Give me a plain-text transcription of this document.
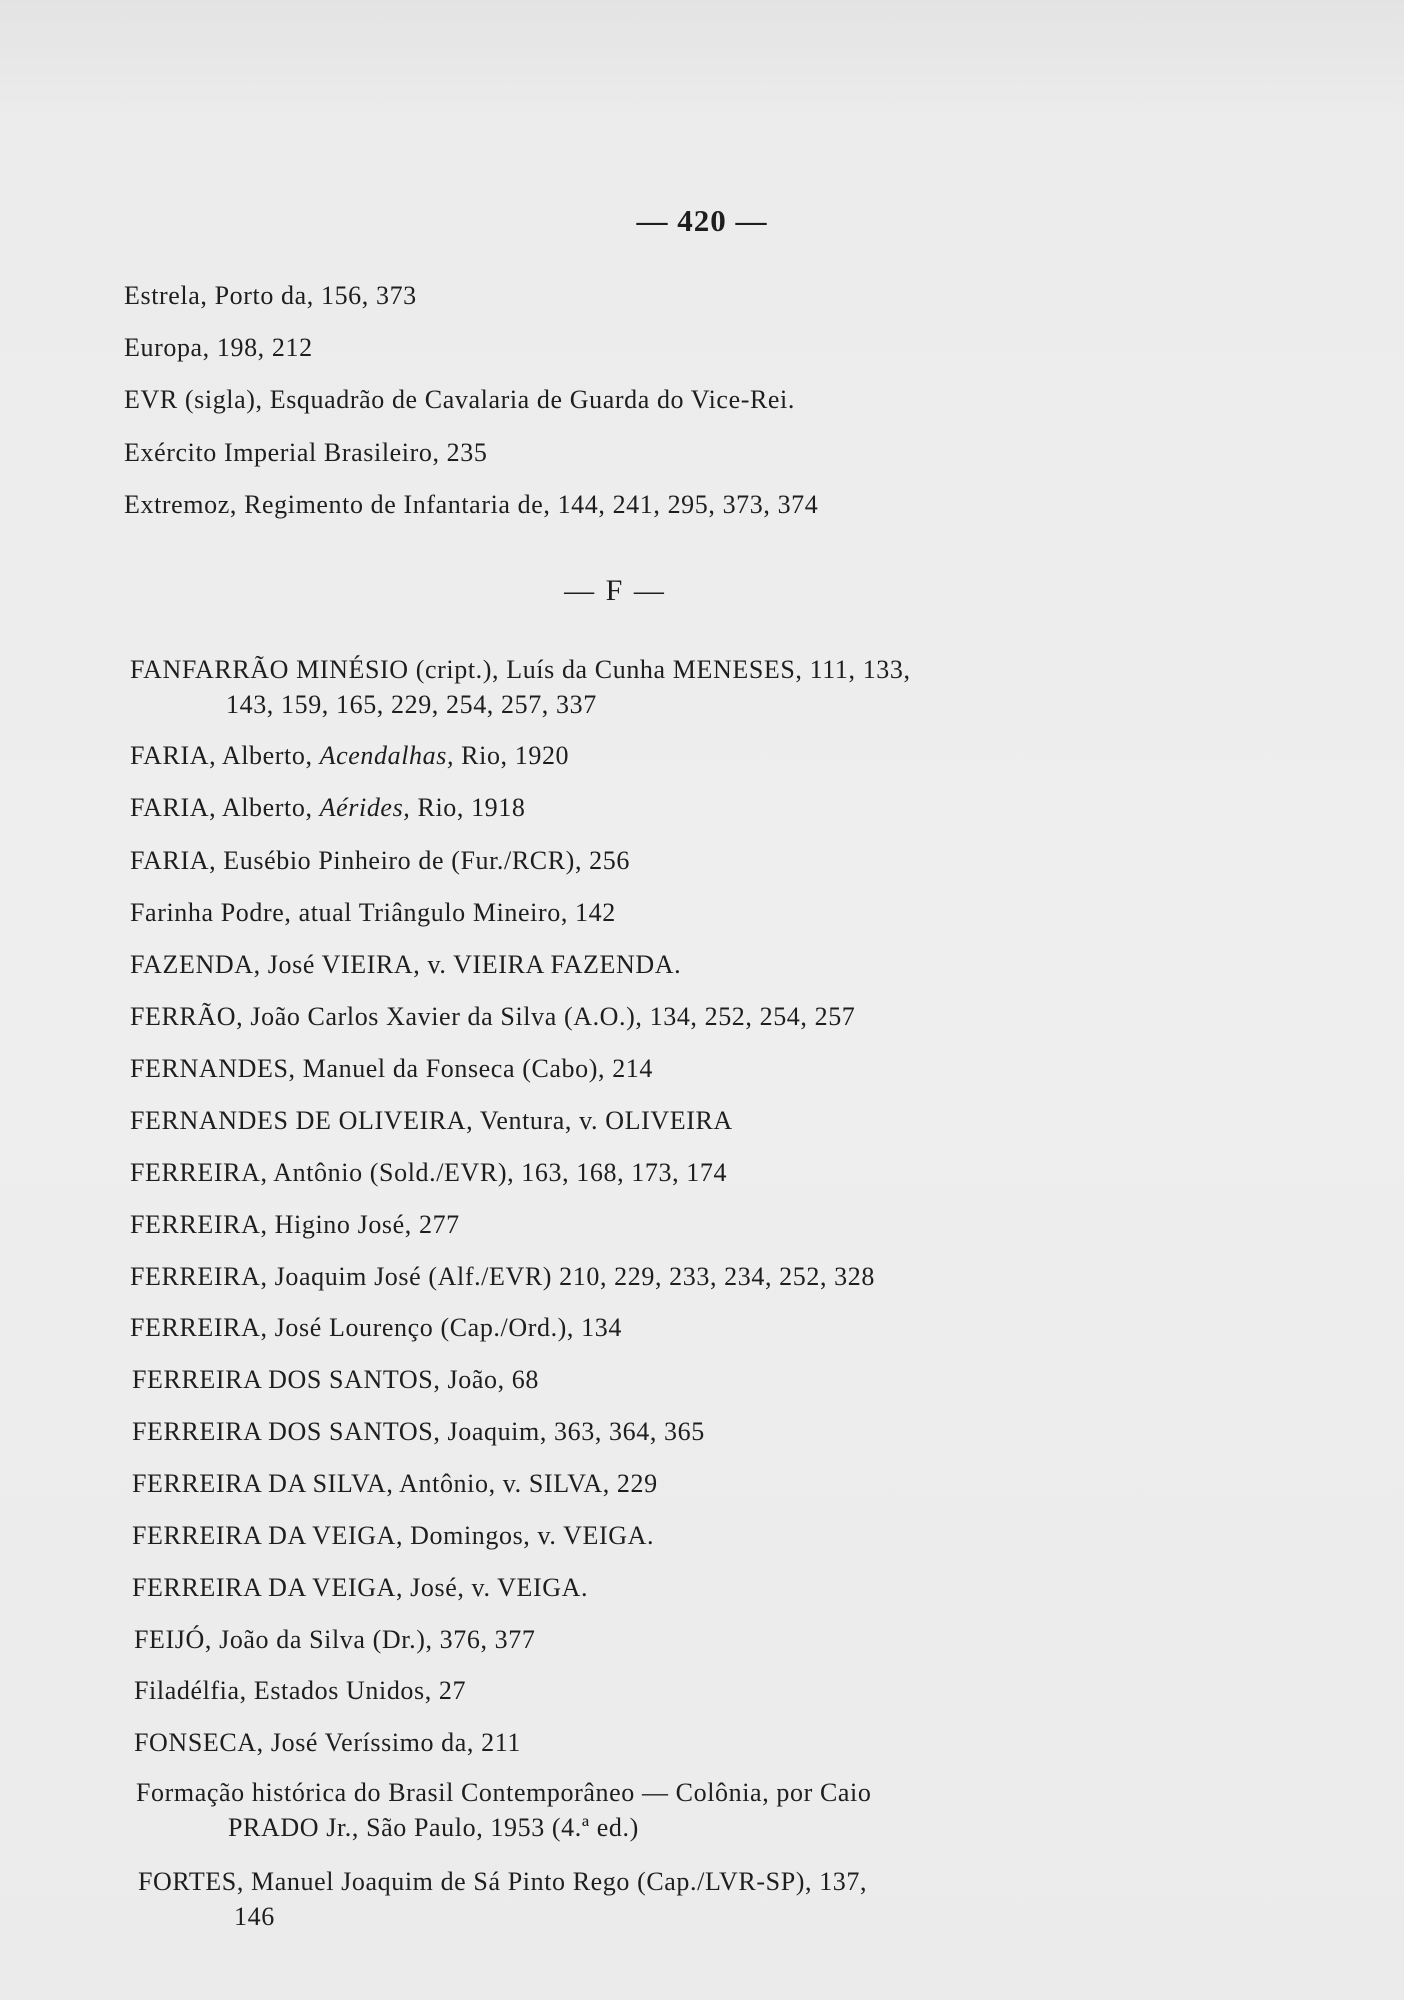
— 420 —
— F —
Estrela, Porto da, 156, 373
Europa, 198, 212
EVR (sigla), Esquadrão de Cavalaria de Guarda do Vice-Rei.
Exército Imperial Brasileiro, 235
Extremoz, Regimento de Infantaria de, 144, 241, 295, 373, 374
FANFARRÃO MINÉSIO (cript.), Luís da Cunha MENESES, 111, 133,
143, 159, 165, 229, 254, 257, 337
FARIA, Alberto, Acendalhas, Rio, 1920
FARIA, Alberto, Aérides, Rio, 1918
FARIA, Eusébio Pinheiro de (Fur./RCR), 256
Farinha Podre, atual Triângulo Mineiro, 142
FAZENDA, José VIEIRA, v. VIEIRA FAZENDA.
FERRÃO, João Carlos Xavier da Silva (A.O.), 134, 252, 254, 257
FERNANDES, Manuel da Fonseca (Cabo), 214
FERNANDES DE OLIVEIRA, Ventura, v. OLIVEIRA
FERREIRA, Antônio (Sold./EVR), 163, 168, 173, 174
FERREIRA, Higino José, 277
FERREIRA, Joaquim José (Alf./EVR) 210, 229, 233, 234, 252, 328
FERREIRA, José Lourenço (Cap./Ord.), 134
FERREIRA DOS SANTOS, João, 68
FERREIRA DOS SANTOS, Joaquim, 363, 364, 365
FERREIRA DA SILVA, Antônio, v. SILVA, 229
FERREIRA DA VEIGA, Domingos, v. VEIGA.
FERREIRA DA VEIGA, José, v. VEIGA.
FEIJÓ, João da Silva (Dr.), 376, 377
Filadélfia, Estados Unidos, 27
FONSECA, José Veríssimo da, 211
Formação histórica do Brasil Contemporâneo — Colônia, por Caio
PRADO Jr., São Paulo, 1953 (4.ª ed.)
FORTES, Manuel Joaquim de Sá Pinto Rego (Cap./LVR-SP), 137,
146
